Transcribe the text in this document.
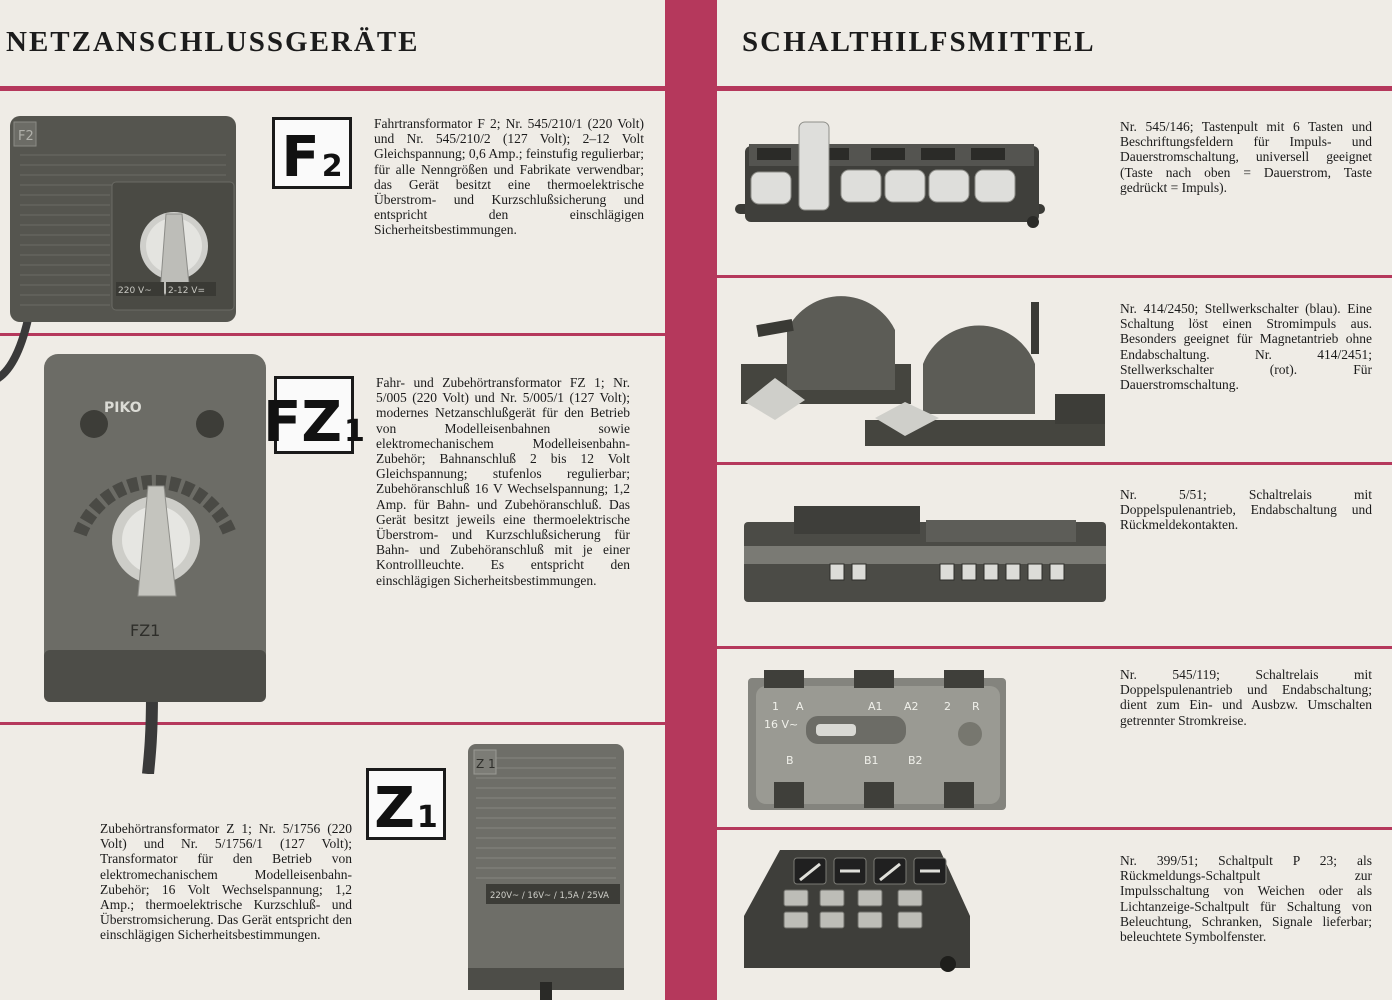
NETZANSCHLUSSGERÄTE	SCHALTHILFSMITTEL
F2
220 V~ 2-12 V=
F 2
Fahrtransformator F 2; Nr. 545/210/1 (220 Volt) und Nr. 545/210/2 (127 Volt); 2–12 Volt Gleichspannung; 0,6 Amp.; feinstufig regulierbar; für alle Nenngrößen und Fabrikate verwendbar; das Gerät besitzt eine thermoelektrische Überstrom- und Kurzschlußsicherung und entspricht den einschlägigen Sicherheitsbestimmungen.
PIKO
FZ1
FZ 1
Fahr- und Zubehörtransformator FZ 1; Nr. 5/005 (220 Volt) und Nr. 5/005/1 (127 Volt); modernes Netzanschlußgerät für den Betrieb von Modelleisenbahnen sowie elektromechanischem Modelleisenbahn-Zubehör; Bahnanschluß 2 bis 12 Volt Gleichspannung; stufenlos regulierbar; Zubehöranschluß 16 V Wechselspannung; 1,2 Amp. für Bahn- und Zubehöranschluß. Das Gerät besitzt jeweils eine thermoelektrische Überstrom- und Kurzschlußsicherung für Bahn- und Zubehöranschluß mit je einer Kontrollleuchte. Es entspricht den einschlägigen Sicherheitsbestimmungen.
Z 1
Zubehörtransformator Z 1; Nr. 5/1756 (220 Volt) und Nr. 5/1756/1 (127 Volt); Transformator für den Betrieb von elektromechanischem Modelleisenbahn-Zubehör; 16 Volt Wechselspannung; 1,2 Amp.; thermoelektrische Kurzschluß- und Überstromsicherung. Das Gerät entspricht den einschlägigen Sicherheitsbestimmungen.
Z 1
220V~ / 16V~ / 1,5A / 25VA
Nr. 545/146; Tastenpult mit 6 Tasten und Beschriftungsfeldern für Impuls- und Dauerstromschaltung, universell geeignet (Taste nach oben = Dauerstrom, Taste gedrückt = Impuls).
Nr. 414/2450; Stellwerkschalter (blau). Eine Schaltung löst einen Stromimpuls aus. Besonders geeignet für Magnetantrieb ohne Endabschaltung. Nr. 414/2451; Stellwerkschalter (rot). Für Dauerstromschaltung.
Nr. 5/51; Schaltrelais mit Doppelspulenantrieb, Endabschaltung und Rückmeldekontakten.
1 A	A1 A2 2 R
16 V~
B	B1	B2
Nr. 545/119; Schaltrelais mit Doppelspulenantrieb und Endabschaltung; dient zum Ein- und Ausbzw. Umschalten getrennter Stromkreise.
Nr. 399/51; Schaltpult P 23; als Rückmeldungs-Schaltpult zur Impulsschaltung von Weichen oder als Lichtanzeige-Schaltpult für Schaltung von Beleuchtung, Schranken, Signale lieferbar; beleuchtete Symbolfenster.
